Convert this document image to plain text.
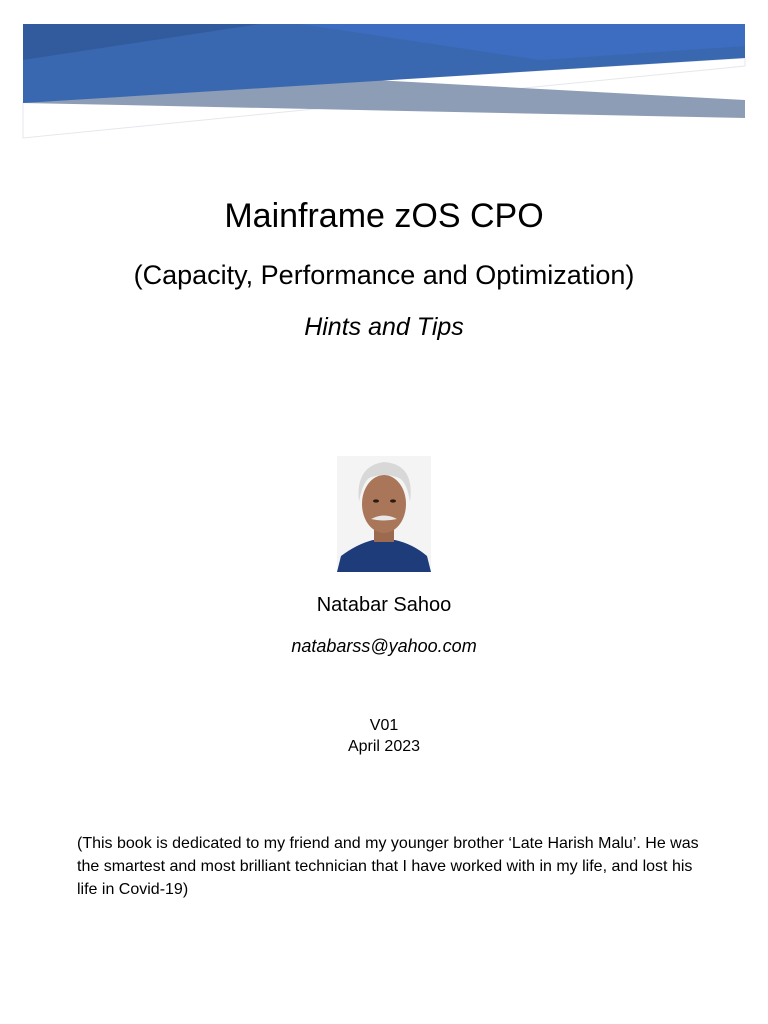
Mainframe zOS CPO
(Capacity, Performance and Optimization)
Hints and Tips
Natabar Sahoo
natabarss@yahoo.com
V01
April 2023
(This book is dedicated to my friend and my younger brother ‘Late Harish Malu’. He was the smartest and most brilliant technician that I have worked with in my life, and lost his life in Covid-19)
